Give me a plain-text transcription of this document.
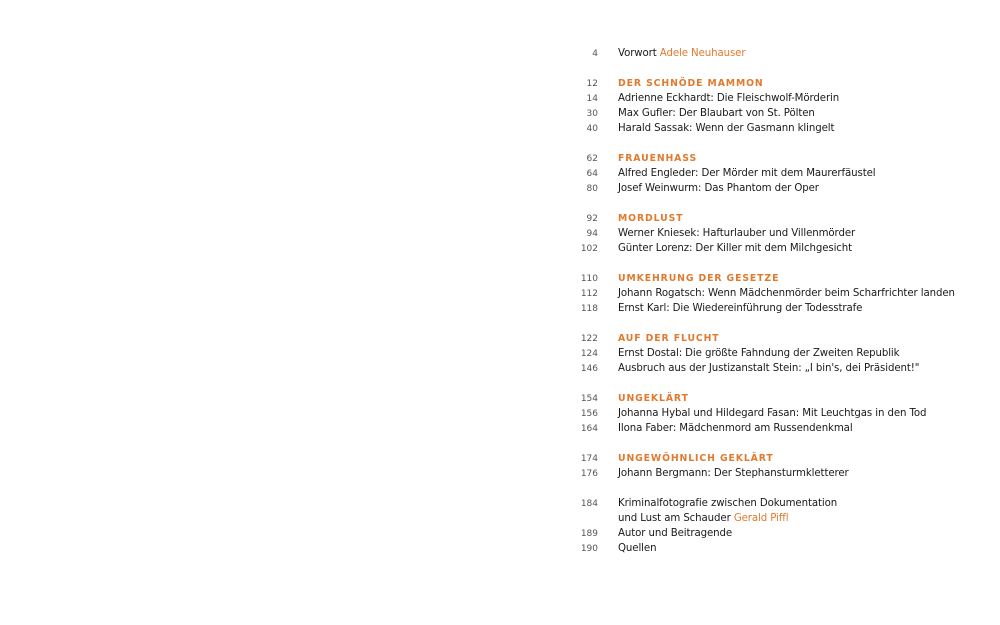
4 Vorwort Adele Neuhauser
12 DER SCHNÖDE MAMMON
14 Adrienne Eckhardt: Die Fleischwolf-Mörderin
30 Max Gufler: Der Blaubart von St. Pölten
40 Harald Sassak: Wenn der Gasmann klingelt
62 FRAUENHASS
64 Alfred Engleder: Der Mörder mit dem Maurerfäustel
80 Josef Weinwurm: Das Phantom der Oper
92 MORDLUST
94 Werner Kniesek: Hafturlauber und Villenmörder
102 Günter Lorenz: Der Killer mit dem Milchgesicht
110 UMKEHRUNG DER GESETZE
112 Johann Rogatsch: Wenn Mädchenmörder beim Scharfrichter landen
118 Ernst Karl: Die Wiedereinführung der Todesstrafe
122 AUF DER FLUCHT
124 Ernst Dostal: Die größte Fahndung der Zweiten Republik
146 Ausbruch aus der Justizanstalt Stein: „I bin's, dei Präsident!"
154 UNGEKLÄRT
156 Johanna Hybal und Hildegard Fasan: Mit Leuchtgas in den Tod
164 Ilona Faber: Mädchenmord am Russendenkmal
174 UNGEWÖHNLICH GEKLÄRT
176 Johann Bergmann: Der Stephansturmkletterer
184 Kriminalfotografie zwischen Dokumentation
und Lust am Schauder Gerald Piffl
189 Autor und Beitragende
190 Quellen
